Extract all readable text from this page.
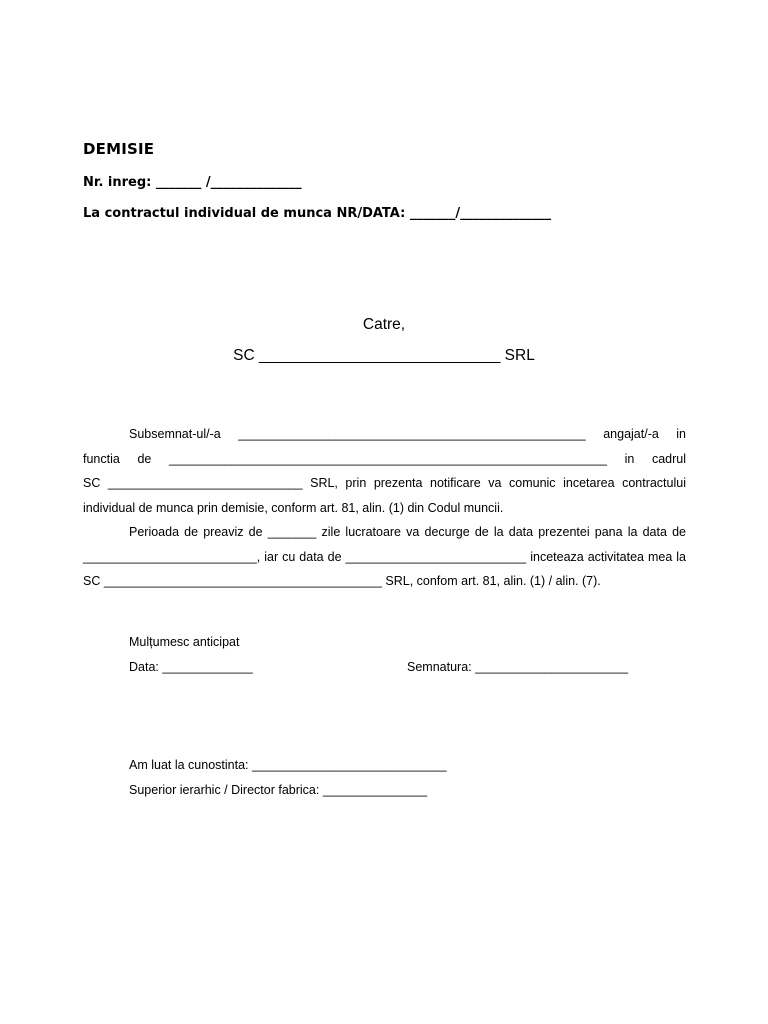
DEMISIE
Nr. inreg: _______ /______________
La contractul individual de munca NR/DATA: _______/______________
Catre,
SC ____________________________ SRL
Subsemnat-ul/-a __________________________________________________ angajat/-a in
functia de _______________________________________________________________ in cadrul
SC ____________________________ SRL, prin prezenta notificare va comunic incetarea contractului
individual de munca prin demisie, conform art. 81, alin. (1) din Codul muncii.
Perioada de preaviz de _______ zile lucratoare va decurge de la data prezentei pana la data de
_________________________, iar cu data de __________________________ inceteaza activitatea mea la
SC ________________________________________ SRL, confom art. 81, alin. (1) / alin. (7).
Mulțumesc anticipat
Data: _____________	Semnatura: ______________________
Am luat la cunostinta: ____________________________
Superior ierarhic / Director fabrica: _______________
